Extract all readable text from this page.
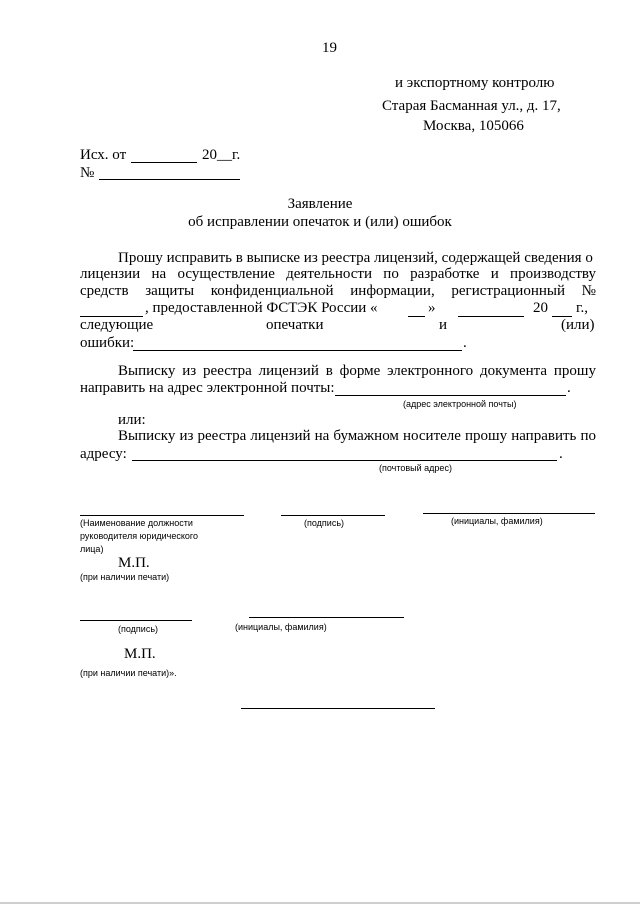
19
и экспортному контролю
Старая Басманная ул., д. 17,
Москва, 105066
Исх. от	20__г.
№
Заявление
об исправлении опечаток и (или) ошибок
Прошу исправить в выписке из реестра лицензий, содержащей сведения о
лицензии на осуществление деятельности по разработке и производству
средств защиты конфиденциальной информации, регистрационный №
, предоставленной ФСТЭК России «	»	20 г.,
следующие	опечатки	и	(или)
ошибки:	.
Выписку из реестра лицензий в форме электронного документа прошу
направить на адрес электронной почты:	.
(адрес электронной почты)
или:
Выписку из реестра лицензий на бумажном носителе прошу направить по
адресу:	.
(почтовый адрес)
(Наименование должности
руководителя юридического
лица)
(подпись)	(инициалы, фамилия)
М.П.
(при наличии печати)
(подпись)	(инициалы, фамилия)
М.П.
(при наличии печати)».
